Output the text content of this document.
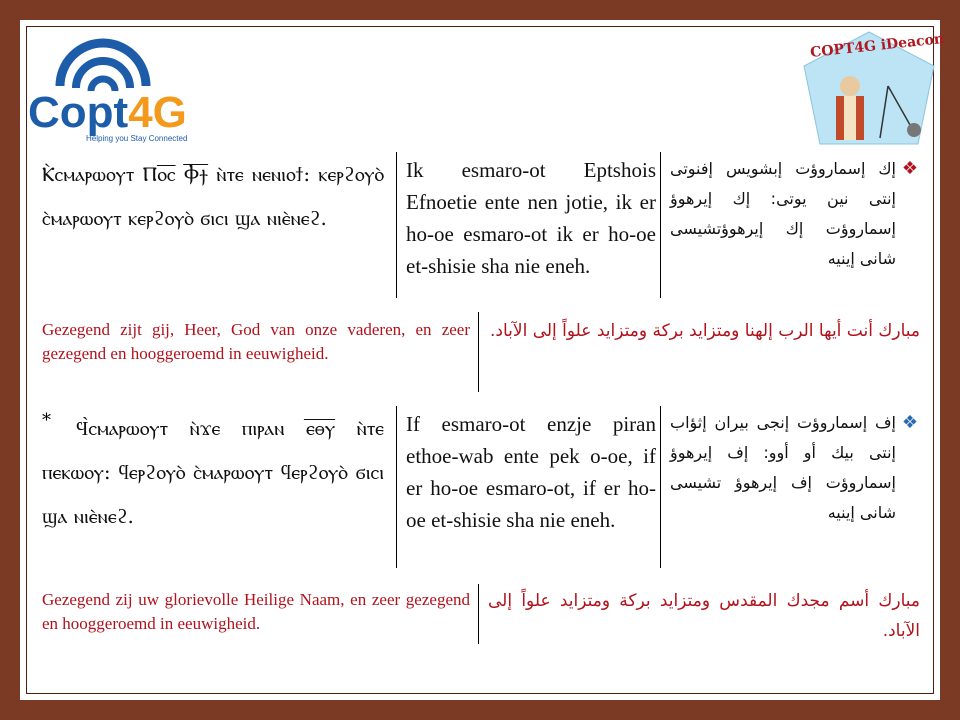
Copt4G
Helping you Stay Connected
COPT4G iDeacon
Ⲕ̀ⲥⲙⲁⲣⲱⲟⲩⲧ Ⲡⲟ̅ⲥ̅ Ⲫ︦ϯ︦ ⲛ̀ⲧⲉ ⲛⲉⲛⲓⲟϯ: ⲕⲉⲣϩⲟⲩⲟ̀ ⲥ̀ⲙⲁⲣⲱⲟⲩⲧ ⲕⲉⲣϩⲟⲩⲟ̀ ϭⲓⲥⲓ ϣⲁ ⲛⲓⲉ̀ⲛⲉϩ.
Ik esmaro-ot Eptshois Efnoetie ente nen jotie, ik er ho-oe esmaro-ot ik er ho-oe et-shisie sha nie eneh.
❖
إك إسماروؤت إبشويس إفنوتى إنتى نين يوتى: إك إيرهوؤ إسماروؤت إك إيرهوؤتشيسى شانى إينيه
Gezegend zijt gij, Heer, God van onze vaderen, en zeer gezegend en hooggeroemd in eeuwigheid.
مبارك أنت أيها الرب إلهنا ومتزايد بركة ومتزايد علواً إلى الآباد.
*	Ϥ̀ⲥⲙⲁⲣⲱⲟⲩⲧ ⲛ̀ϫⲉ ⲡⲓⲣⲁⲛ ⲉ̅ⲑ̅ⲩ̅ ⲛ̀ⲧⲉ ⲡⲉⲕⲱⲟⲩ: ϥⲉⲣϩⲟⲩⲟ̀ ⲥ̀ⲙⲁⲣⲱⲟⲩⲧ ϥⲉⲣϩⲟⲩⲟ̀ ϭⲓⲥⲓ ϣⲁ ⲛⲓⲉ̀ⲛⲉϩ.
If esmaro-ot enzje piran ethoe-wab ente pek o-oe, if er ho-oe esmaro-ot, if er ho-oe et-shisie sha nie eneh.
❖
إف إسماروؤت إنجى بيران إثؤاب إنتى بيك أو أوو: إف إيرهوؤ إسماروؤت إف إيرهوؤ تشيسى شانى إينيه
Gezegend zij uw glorievolle Heilige Naam, en zeer gezegend en hooggeroemd in eeuwigheid.
مبارك أسم مجدك المقدس ومتزايد بركة ومتزايد علواً إلى الآباد.
